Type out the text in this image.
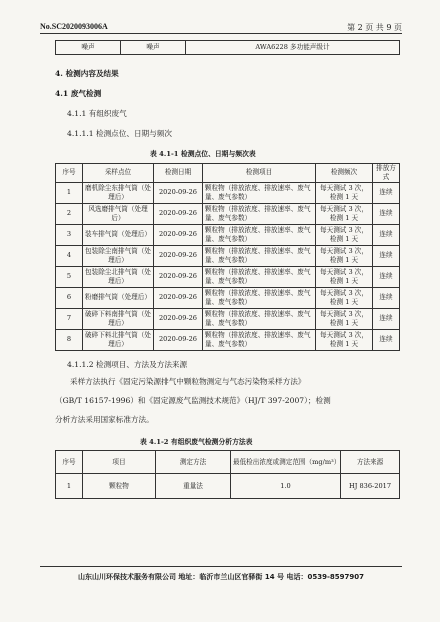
No.SC2020093006A	第 2 页 共 9 页
噪声	噪声	AWA6228 多功能声级计
4. 检测内容及结果
4.1 废气检测
4.1.1 有组织废气
4.1.1.1 检测点位、日期与频次
表 4.1-1 检测点位、日期与频次表
序号	采样点位	检测日期	检测项目	检测频次	排放方式
1	磨机除尘东排气筒（处理后）	2020-09-26	颗粒物（排放浓度、排放速率、废气量、废气参数）	每天测试 3 次，检测 1 天	连续
2	风选磨排气筒（处理后）	2020-09-26	颗粒物（排放浓度、排放速率、废气量、废气参数）	每天测试 3 次，检测 1 天	连续
3	装车排气筒（处理后）	2020-09-26	颗粒物（排放浓度、排放速率、废气量、废气参数）	每天测试 3 次，检测 1 天	连续
4	包装除尘南排气筒（处理后）	2020-09-26	颗粒物（排放浓度、排放速率、废气量、废气参数）	每天测试 3 次，检测 1 天	连续
5	包装除尘北排气筒（处理后）	2020-09-26	颗粒物（排放浓度、排放速率、废气量、废气参数）	每天测试 3 次，检测 1 天	连续
6	粉磨排气筒（处理后）	2020-09-26	颗粒物（排放浓度、排放速率、废气量、废气参数）	每天测试 3 次，检测 1 天	连续
7	破碎下料南排气筒（处理后）	2020-09-26	颗粒物（排放浓度、排放速率、废气量、废气参数）	每天测试 3 次，检测 1 天	连续
8	破碎下料北排气筒（处理后）	2020-09-26	颗粒物（排放浓度、排放速率、废气量、废气参数）	每天测试 3 次，检测 1 天	连续
4.1.1.2 检测项目、方法及方法来源
采样方法执行《固定污染源排气中颗粒物测定与气态污染物采样方法》
（GB/T 16157-1996）和《固定源废气监测技术规范》（HJ/T 397-2007）；检测
表 4.1-2 有组织废气检测分析方法表
序号	项目	测定方法	最低检出浓度或测定范围（mg/m³）	方法来源
1	颗粒物	重量法	1.0	HJ 836-2017
山东山川环保技术服务有限公司 地址：临沂市兰山区官驿街 14 号 电话：0539-8597907
分析方法采用国家标准方法。
